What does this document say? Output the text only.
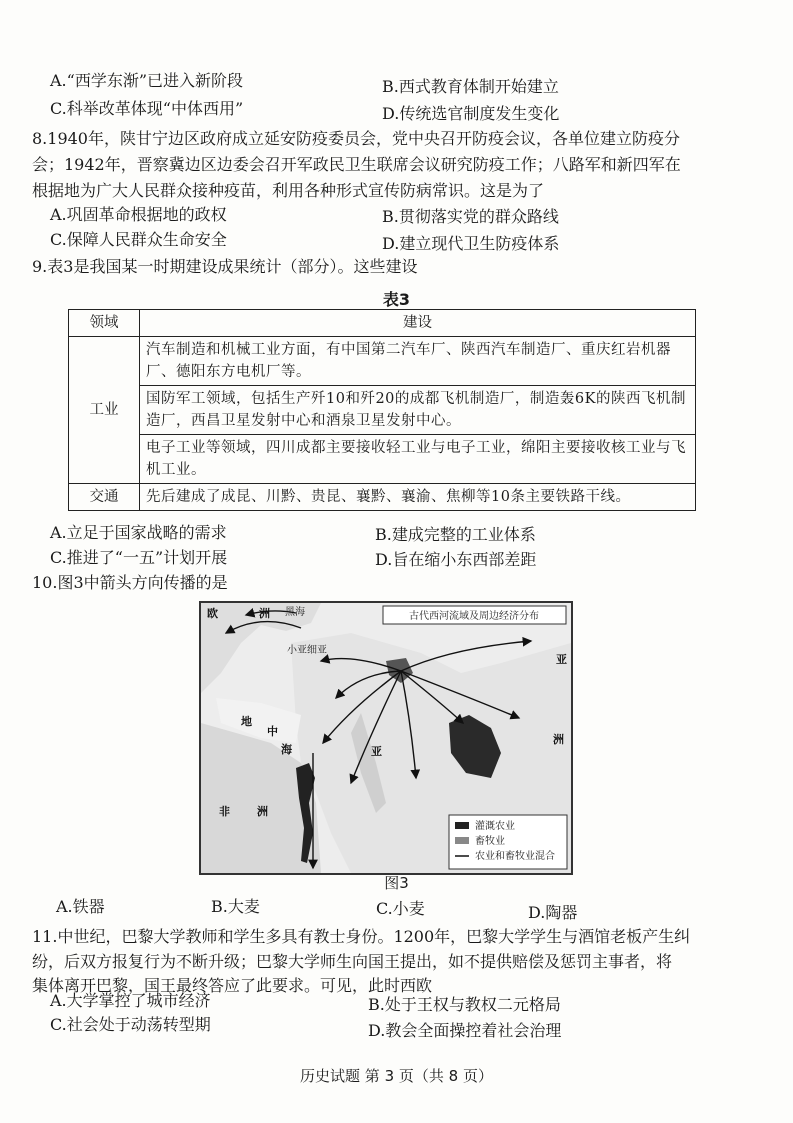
A.“西学东渐”已进入新阶段	B.西式教育体制开始建立
C.科举改革体现“中体西用”	D.传统选官制度发生变化
8.1940年，陕甘宁边区政府成立延安防疫委员会，党中央召开防疫会议，各单位建立防疫分
会；1942年，晋察冀边区边委会召开军政民卫生联席会议研究防疫工作；八路军和新四军在
根据地为广大人民群众接种疫苗，利用各种形式宣传防病常识。这是为了
A.巩固革命根据地的政权	B.贯彻落实党的群众路线
C.保障人民群众生命安全	D.建立现代卫生防疫体系
9.表3是我国某一时期建设成果统计（部分）。这些建设
表3
领域	建设
工业	汽车制造和机械工业方面，有中国第二汽车厂、陕西汽车制造厂、重庆红岩机器厂、德阳东方电机厂等。
	国防军工领域，包括生产歼10和歼20的成都飞机制造厂，制造轰6K的陕西飞机制造厂，西昌卫星发射中心和酒泉卫星发射中心。
	电子工业等领域，四川成都主要接收轻工业与电子工业，绵阳主要接收核工业与飞机工业。
交通	先后建成了成昆、川黔、贵昆、襄黔、襄渝、焦柳等10条主要铁路干线。
A.立足于国家战略的需求	B.建成完整的工业体系
C.推进了“一五”计划开展	D.旨在缩小东西部差距
10.图3中箭头方向传播的是
古代西河流域及周边经济分布
欧	洲 黑海
小亚细亚
地
中
海	亚
非 洲
亚
洲
灌溉农业
畜牧业
农业和畜牧业混合
图3
A.铁器	B.大麦	C.小麦	D.陶器
11.中世纪，巴黎大学教师和学生多具有教士身份。1200年，巴黎大学学生与酒馆老板产生纠
纷，后双方报复行为不断升级；巴黎大学师生向国王提出，如不提供赔偿及惩罚主事者，将
集体离开巴黎，国王最终答应了此要求。可见，此时西欧
A.大学掌控了城市经济	B.处于王权与教权二元格局
C.社会处于动荡转型期	D.教会全面操控着社会治理
历史试题 第 3 页（共 8 页）
